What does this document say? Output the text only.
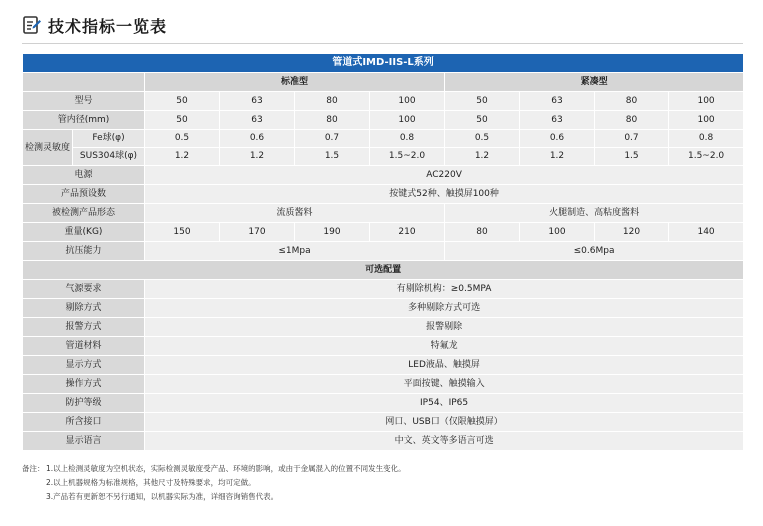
技术指标一览表
管道式IMD-IIS-L系列									
		标准型				紧凑型			
型号		50	63	80	100	50	63	80	100
管内径(mm)		50	63	80	100	50	63	80	100
检测灵敏度	Fe球(φ)	0.5	0.6	0.7	0.8	0.5	0.6	0.7	0.8
	SUS304球(φ)	1.2	1.2	1.5	1.5~2.0	1.2	1.2	1.5	1.5~2.0
电源		AC220V							
产品预设数		按键式52种、触摸屏100种							
被检测产品形态		流质酱料				火腿制造、高粘度酱料			
重量(KG)		150	170	190	210	80	100	120	140
抗压能力		≤1Mpa				≤0.6Mpa			
可选配置									
气源要求		有剔除机构：≥0.5MPA							
剔除方式		多种剔除方式可选							
报警方式		报警剔除							
管道材料		特氟龙							
显示方式		LED液晶、触摸屏							
操作方式		平面按键、触摸输入							
防护等级		IP54、IP65							
所含接口		网口、USB口（仅限触摸屏）							
显示语言		中文、英文等多语言可选							
备注： 1.以上检测灵敏度为空机状态，实际检测灵敏度受产品、环境的影响，或由于金属混入的位置不同发生变化。
2.以上机器规格为标准规格，其他尺寸及特殊要求，均可定做。
3.产品若有更新恕不另行通知，以机器实际为准，详细咨询销售代表。
